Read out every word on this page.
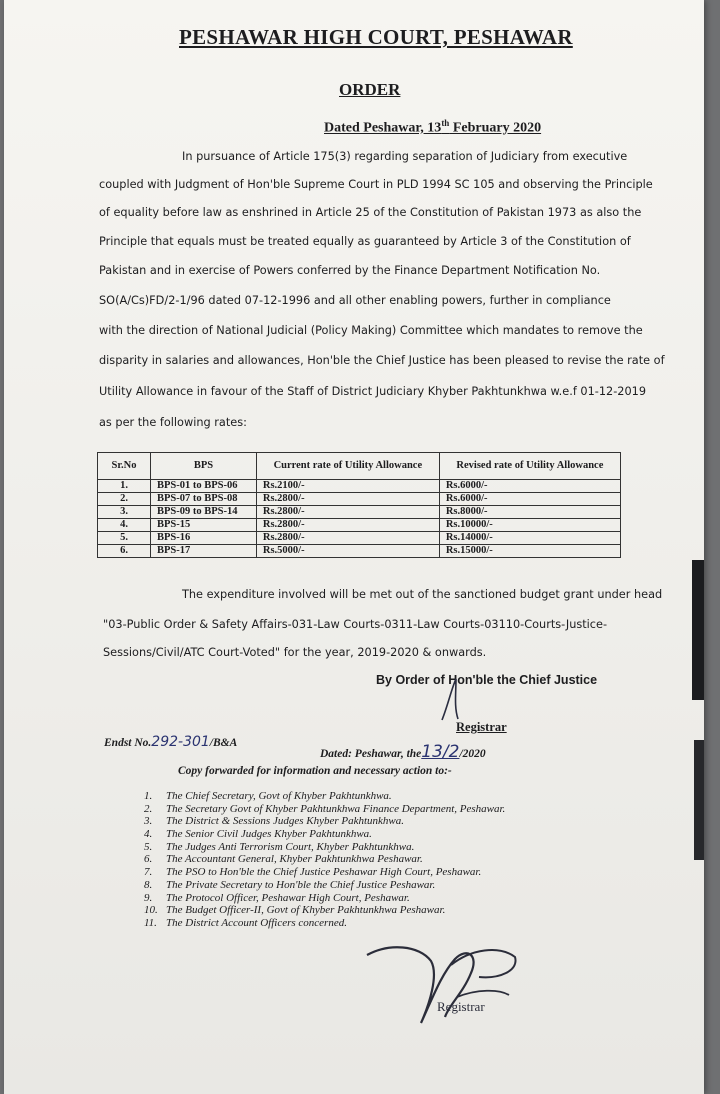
PESHAWAR HIGH COURT, PESHAWAR
ORDER
Dated Peshawar, 13th February 2020
In pursuance of Article 175(3) regarding separation of Judiciary from executive
coupled with Judgment of Hon'ble Supreme Court in PLD 1994 SC 105 and observing the Principle
of equality before law as enshrined in Article 25 of the Constitution of Pakistan 1973 as also the
Principle that equals must be treated equally as guaranteed by Article 3 of the Constitution of
Pakistan and in exercise of Powers conferred by the Finance Department Notification No.
SO(A/Cs)FD/2-1/96 dated 07-12-1996 and all other enabling powers, further in compliance
with the direction of National Judicial (Policy Making) Committee which mandates to remove the
disparity in salaries and allowances, Hon'ble the Chief Justice has been pleased to revise the rate of
Utility Allowance in favour of the Staff of District Judiciary Khyber Pakhtunkhwa w.e.f 01-12-2019
as per the following rates:
Sr.No	BPS	Current rate of Utility Allowance	Revised rate of Utility Allowance
1.	BPS-01 to BPS-06	Rs.2100/-	Rs.6000/-
2.	BPS-07 to BPS-08	Rs.2800/-	Rs.6000/-
3.	BPS-09 to BPS-14	Rs.2800/-	Rs.8000/-
4.	BPS-15	Rs.2800/-	Rs.10000/-
5.	BPS-16	Rs.2800/-	Rs.14000/-
6.	BPS-17	Rs.5000/-	Rs.15000/-
The expenditure involved will be met out of the sanctioned budget grant under head
"03-Public Order & Safety Affairs-031-Law Courts-0311-Law Courts-03110-Courts-Justice-
Sessions/Civil/ATC Court-Voted" for the year, 2019-2020 & onwards.
By Order of Hon'ble the Chief Justice
Registrar
Endst No.292-301/B&A
Dated: Peshawar, the13/2/2020
Copy forwarded for information and necessary action to:-
1. The Chief Secretary, Govt of Khyber Pakhtunkhwa.
2. The Secretary Govt of Khyber Pakhtunkhwa Finance Department, Peshawar.
3. The District & Sessions Judges Khyber Pakhtunkhwa.
4. The Senior Civil Judges Khyber Pakhtunkhwa.
5. The Judges Anti Terrorism Court, Khyber Pakhtunkhwa.
6. The Accountant General, Khyber Pakhtunkhwa Peshawar.
7. The PSO to Hon'ble the Chief Justice Peshawar High Court, Peshawar.
8. The Private Secretary to Hon'ble the Chief Justice Peshawar.
9. The Protocol Officer, Peshawar High Court, Peshawar.
10. The Budget Officer-II, Govt of Khyber Pakhtunkhwa Peshawar.
11. The District Account Officers concerned.
Registrar
